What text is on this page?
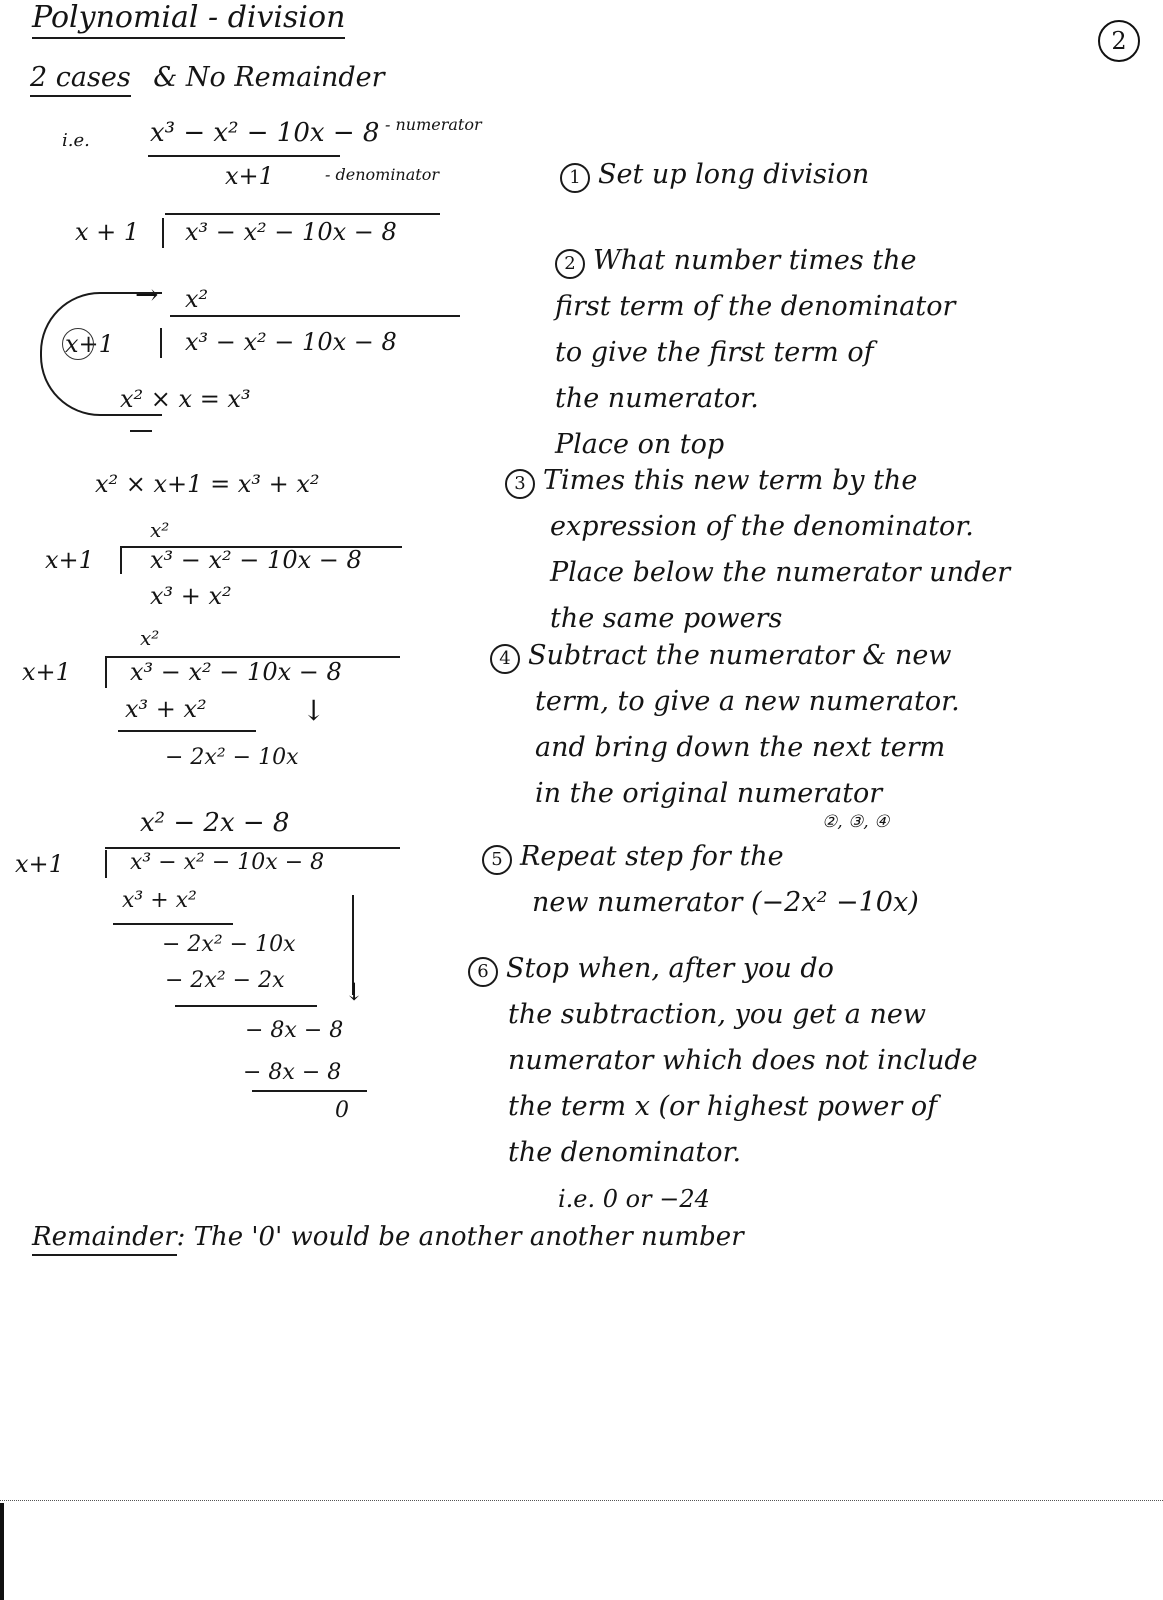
Polynomial - division
2
2 cases & No Remainder
i.e. x³ − x² − 10x − 8 - numerator
x+1	- denominator
x + 1 x³ − x² − 10x − 8
x²
→
x+1	x³ − x² − 10x − 8
x² × x = x³
x² × x+1 = x³ + x²
x²
x+1 x³ − x² − 10x − 8
x³ + x²
x²
x+1 x³ − x² − 10x − 8
x³ + x²	↓
− 2x² − 10x
x² − 2x − 8
x+1	x³ − x² − 10x − 8
x³ + x²
− 2x² − 10x
− 2x² − 2x ↓
− 8x − 8
− 8x − 8
0
1 Set up long division
2 What number times the
first term of the denominator
to give the first term of
the numerator.
Place on top
3 Times this new term by the
expression of the denominator.
Place below the numerator under
the same powers
4 Subtract the numerator & new
term, to give a new numerator.
and bring down the next term
in the original numerator
②, ③, ④
5 Repeat step for the
new numerator (−2x² −10x)
6 Stop when, after you do
the subtraction, you get a new
numerator which does not include
the term x (or highest power of
the denominator.
i.e. 0 or −24
Remainder: The '0' would be another another number
